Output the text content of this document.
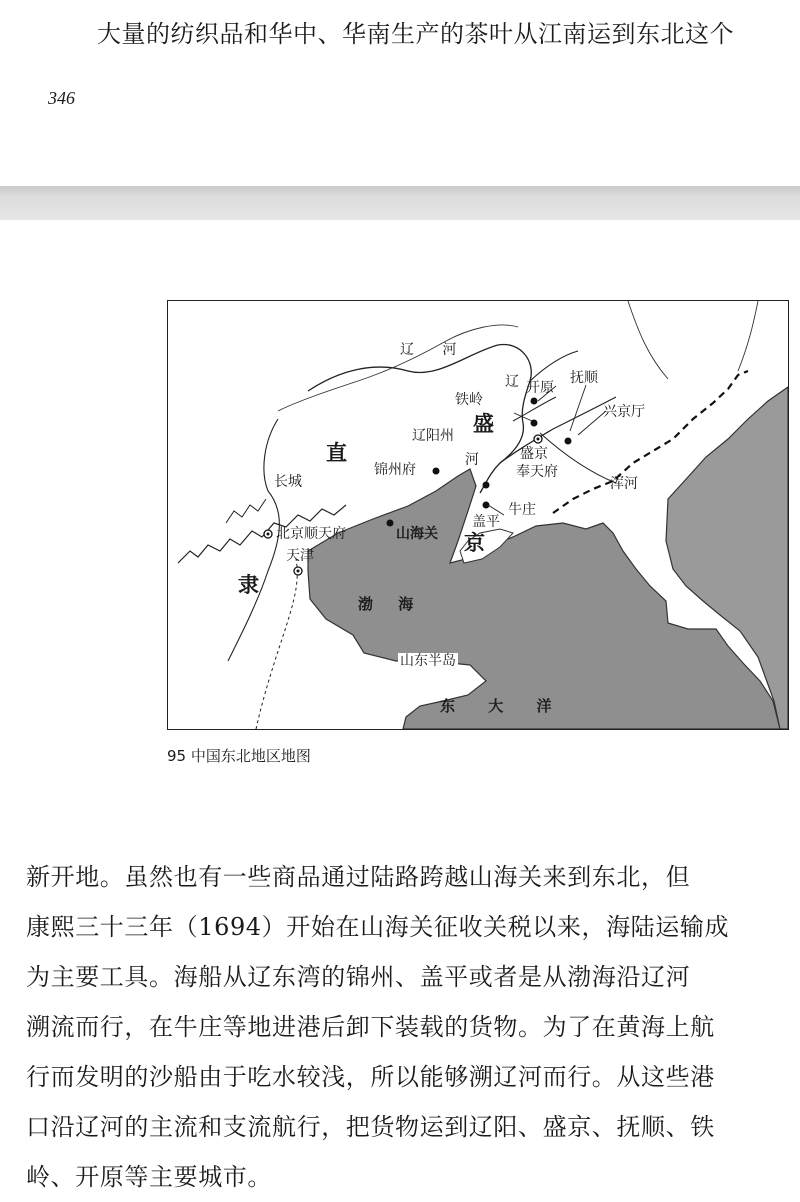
大量的纺织品和华中、华南生产的茶叶从江南运到东北这个
346
辽 河
辽 开原
抚顺
铁岭
兴京厅
盛
辽阳州
盛京
奉天府
直
锦州府
河
浑河
长城
牛庄
盖平
北京顺天府	山海关 京
天津
隶
渤 海
山东半岛
东 大 洋
95 中国东北地区地图

新开地。虽然也有一些商品通过陆路跨越山海关来到东北，但

康熙三十三年（1694）开始在山海关征收关税以来，海陆运输成

为主要工具。海船从辽东湾的锦州、盖平或者是从渤海沿辽河

溯流而行，在牛庄等地进港后卸下装载的货物。为了在黄海上航

行而发明的沙船由于吃水较浅，所以能够溯辽河而行。从这些港

口沿辽河的主流和支流航行，把货物运到辽阳、盛京、抚顺、铁

岭、开原等主要城市。
